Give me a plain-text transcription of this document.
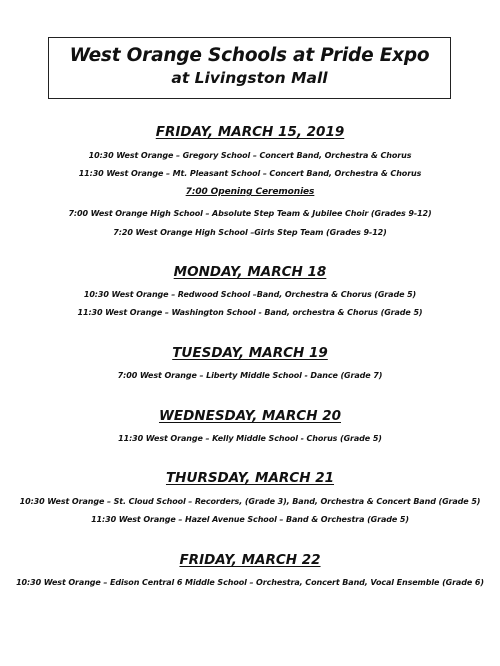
West Orange Schools at Pride Expo
at Livingston Mall
FRIDAY, MARCH 15, 2019
10:30 West Orange – Gregory School – Concert Band, Orchestra & Chorus
11:30 West Orange – Mt. Pleasant School – Concert Band, Orchestra & Chorus
7:00 Opening Ceremonies
7:00 West Orange High School – Absolute Step Team & Jubilee Choir (Grades 9-12)
7:20 West Orange High School –Girls Step Team (Grades 9-12)
MONDAY, MARCH 18
10:30 West Orange – Redwood School –Band, Orchestra & Chorus (Grade 5)
11:30 West Orange – Washington School - Band, orchestra & Chorus (Grade 5)
TUESDAY, MARCH 19
7:00 West Orange – Liberty Middle School - Dance (Grade 7)
WEDNESDAY, MARCH 20
11:30 West Orange – Kelly Middle School - Chorus (Grade 5)
THURSDAY, MARCH 21
10:30 West Orange – St. Cloud School – Recorders, (Grade 3), Band, Orchestra & Concert Band (Grade 5)
11:30 West Orange – Hazel Avenue School – Band & Orchestra (Grade 5)
FRIDAY, MARCH 22
10:30 West Orange – Edison Central 6 Middle School – Orchestra, Concert Band, Vocal Ensemble (Grade 6)
